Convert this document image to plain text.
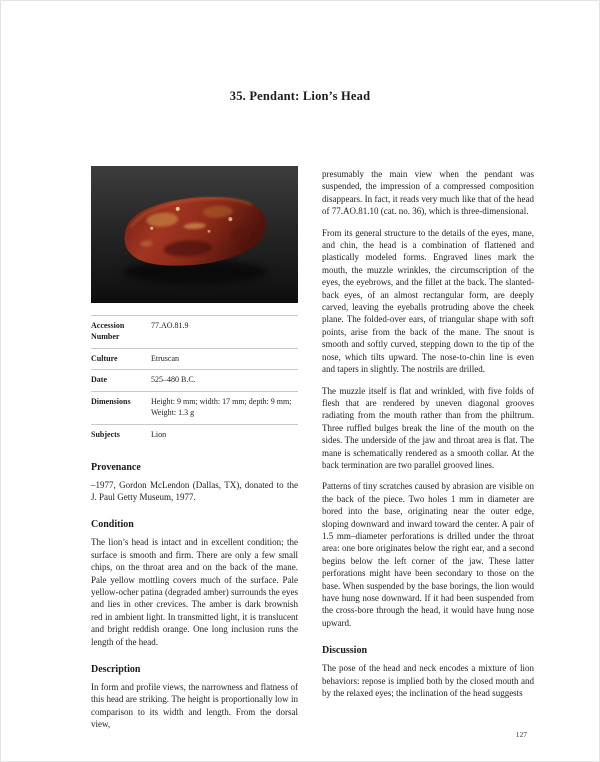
35. Pendant: Lion’s Head
Accession Number	77.AO.81.9
Culture	Etruscan
Date	525–480 B.C.
Dimensions	Height: 9 mm; width: 17 mm; depth: 9 mm; Weight: 1.3 g
Subjects	Lion
Provenance

–1977, Gordon McLendon (Dallas, TX), donated to the J. Paul Getty Museum, 1977.

Condition

The lion’s head is intact and in excellent condition; the surface is smooth and firm. There are only a few small chips, on the throat area and on the back of the mane. Pale yellow mottling covers much of the surface. Pale yellow-ocher patina (degraded amber) surrounds the eyes and lies in other crevices. The amber is dark brownish red in ambient light. In transmitted light, it is translucent and bright reddish orange. One long inclusion runs the length of the head.

Description

In form and profile views, the narrowness and flatness of this head are striking. The height is proportionally low in comparison to its width and length. From the dorsal view,

presumably the main view when the pendant was suspended, the impression of a compressed composition disappears. In fact, it reads very much like that of the head of 77.AO.81.10 (cat. no. 36), which is three-dimensional.

From its general structure to the details of the eyes, mane, and chin, the head is a combination of flattened and plastically modeled forms. Engraved lines mark the mouth, the muzzle wrinkles, the circumscription of the eyes, the eyebrows, and the fillet at the back. The slanted-back eyes, of an almost rectangular form, are deeply carved, leaving the eyeballs protruding above the cheek plane. The folded-over ears, of triangular shape with soft points, arise from the back of the mane. The snout is smooth and softly curved, stepping down to the tip of the nose, which tilts upward. The nose-to-chin line is even and tapers in slightly. The nostrils are drilled.

The muzzle itself is flat and wrinkled, with five folds of flesh that are rendered by uneven diagonal grooves radiating from the mouth rather than from the philtrum. Three ruffled bulges break the line of the mouth on the sides. The underside of the jaw and throat area is flat. The mane is schematically rendered as a smooth collar. At the back termination are two parallel grooved lines.

Patterns of tiny scratches caused by abrasion are visible on the back of the piece. Two holes 1 mm in diameter are bored into the base, originating near the outer edge, sloping downward and inward toward the center. A pair of 1.5 mm–diameter perforations is drilled under the throat area: one bore originates below the right ear, and a second begins below the left corner of the jaw. These latter perforations might have been secondary to those on the base. When suspended by the base borings, the lion would have hung nose downward. If it had been suspended from the cross-bore through the head, it would have hung nose upward.

Discussion

The pose of the head and neck encodes a mixture of lion behaviors: repose is implied both by the closed mouth and by the relaxed eyes; the inclination of the head suggests

127
